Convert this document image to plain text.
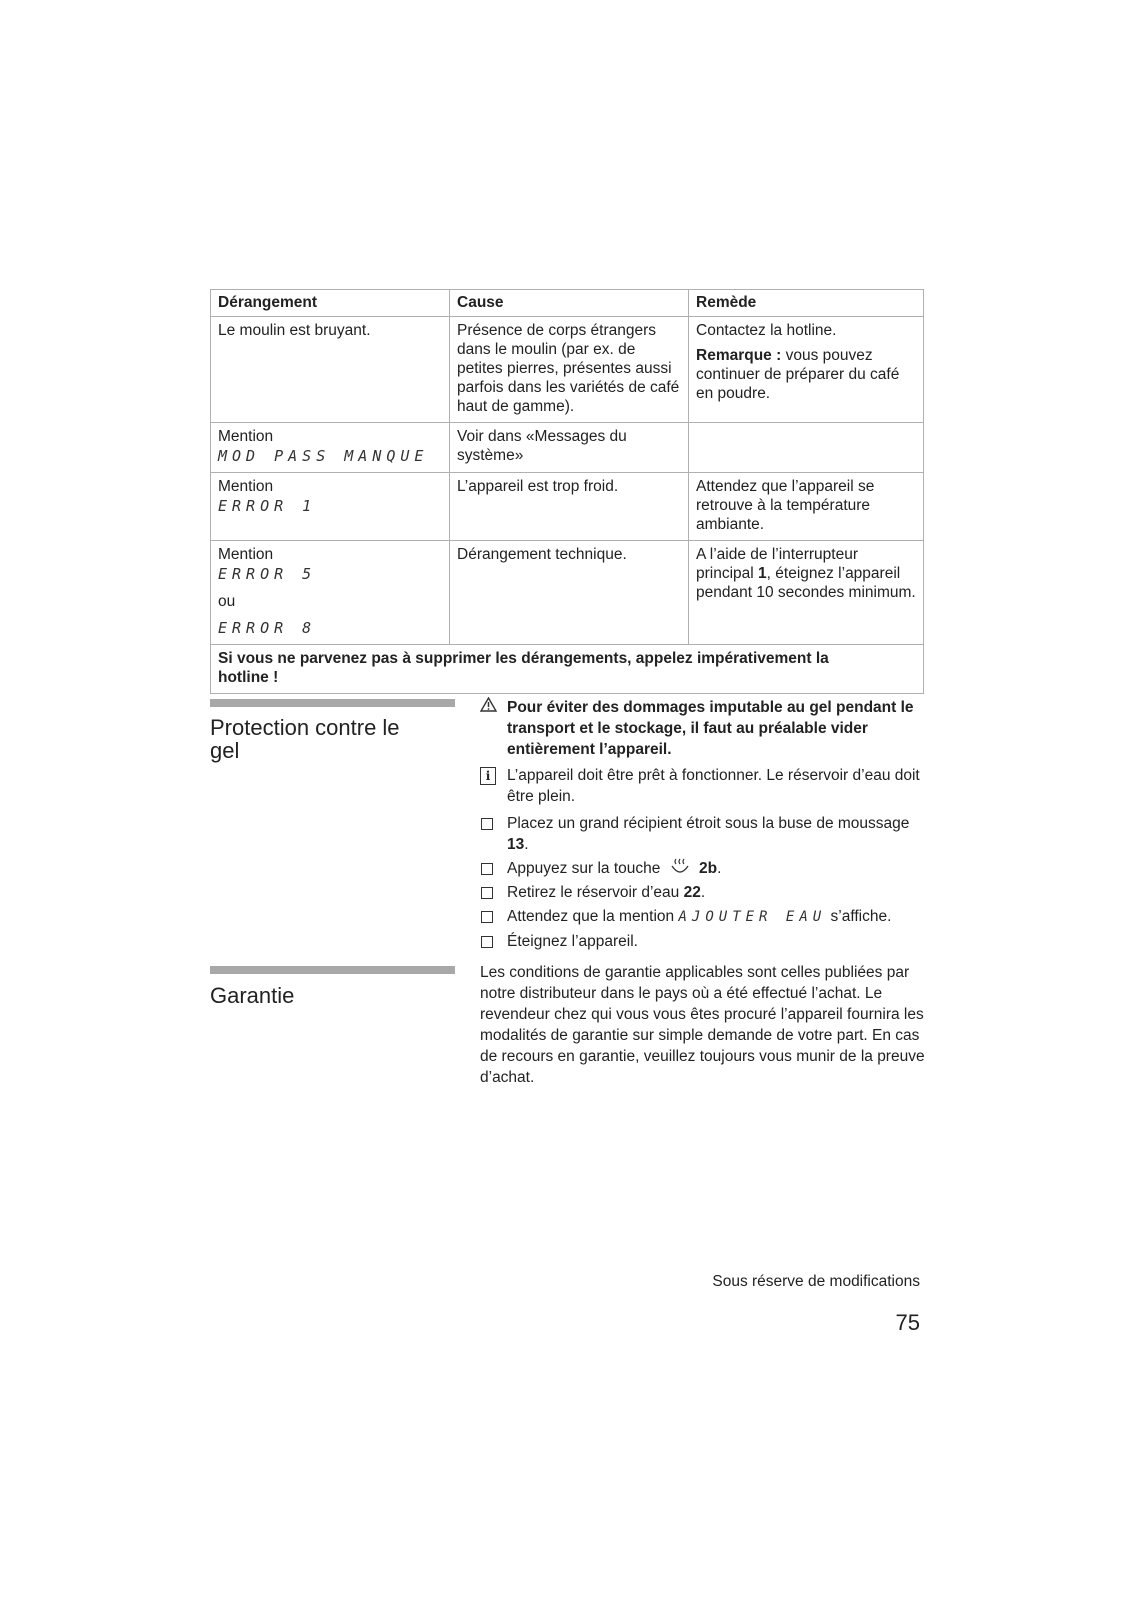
Dérangement	Cause	Remède
Le moulin est bruyant.	Présence de corps étrangers dans le moulin (par ex. de petites pierres, présentes aussi parfois dans les variétés de café haut de gamme).	Contactez la hotline.

Remarque : vous pouvez continuer de préparer du café en poudre.

Mention
MOD PASS MANQUE	Voir dans «Messages du système»	
Mention
ERROR 1	L’appareil est trop froid.	Attendez que l’appareil se retrouve à la température ambiante.
Mention
ERROR 5
ou
ERROR 8	Dérangement technique.	A l’aide de l’interrupteur principal 1, éteignez l’appareil pendant 10 secondes minimum.
Si vous ne parvenez pas à supprimer les dérangements, appelez impérativement la hotline !		
Protection contre le gel
Pour éviter des dommages imputable au gel pendant le transport et le stockage, il faut au préalable vider entièrement l’appareil.
i	L’appareil doit être prêt à fonctionner. Le réservoir d’eau doit être plein.
Placez un grand récipient étroit sous la buse de moussage 13.
Appuyez sur la touche  2b.
Retirez le réservoir d’eau 22.
Attendez que la mention AJOUTER EAU s’affiche.
Éteignez l’appareil.
Garantie

Les conditions de garantie applicables sont celles publiées par notre distributeur dans le pays où a été effectué l’achat. Le revendeur chez qui vous vous êtes procuré l’appareil fournira les modalités de garantie sur simple demande de votre part. En cas de recours en garantie, veuillez toujours vous munir de la preuve d’achat.

Sous réserve de modifications

75
